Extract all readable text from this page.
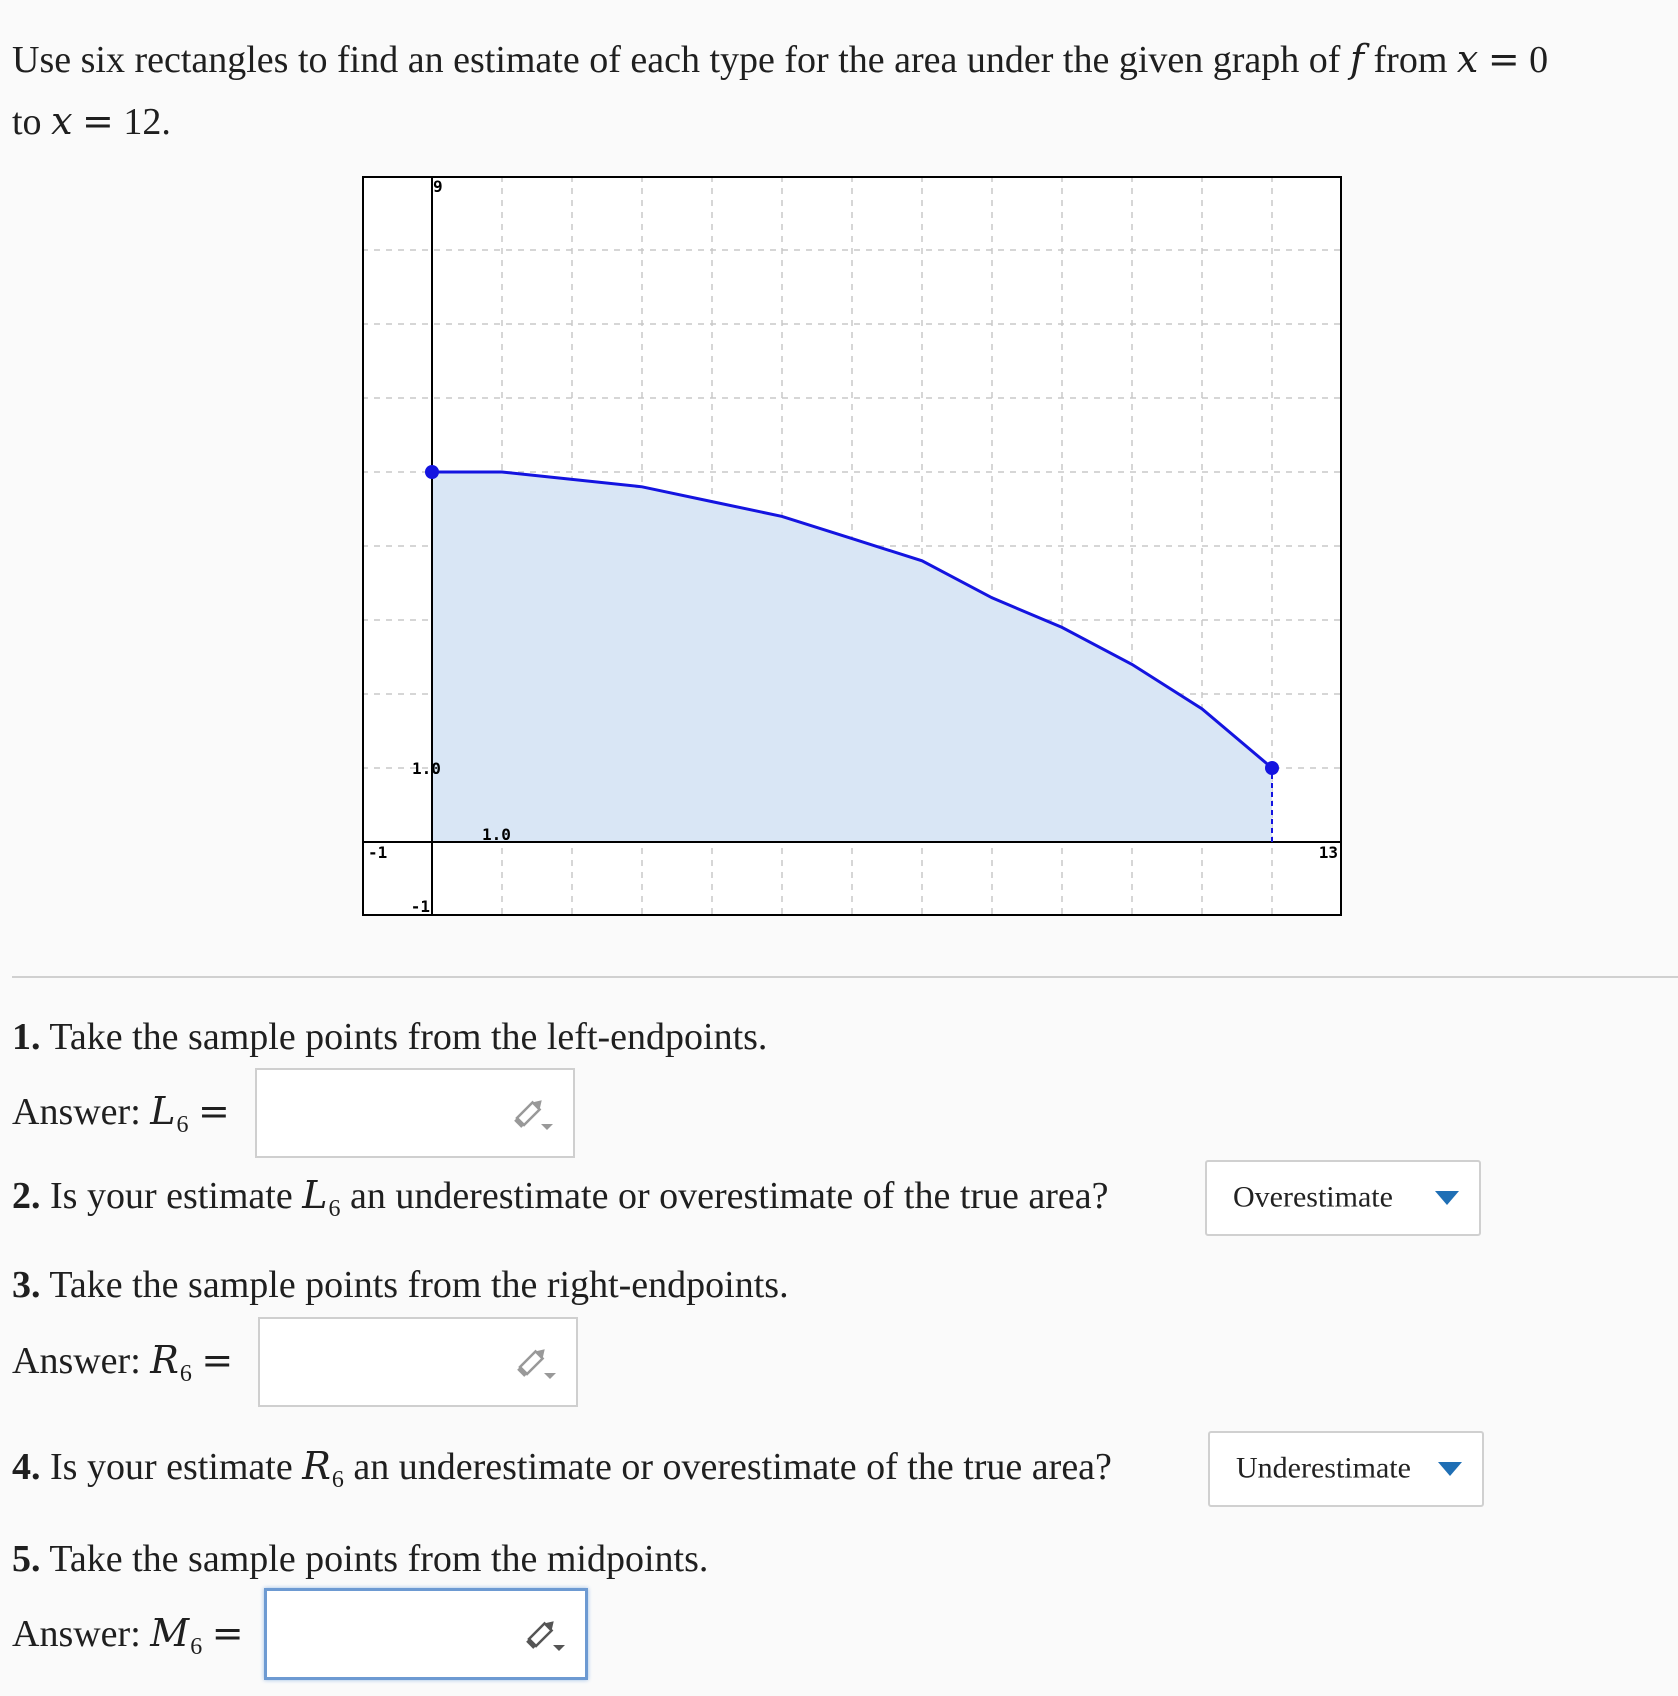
Use six rectangles to find an estimate of each type for the area under the given graph of f from x = 0
to x = 12.
-1	13
9
-1
1.0
1.0
1. Take the sample points from the left-endpoints.
Answer: $L_6$ =
2. Is your estimate $L_6$ an underestimate or overestimate of the true area?	Overestimate
3. Take the sample points from the right-endpoints.
Answer: $R_6$ =
4. Is your estimate $R_6$ an underestimate or overestimate of the true area?	Underestimate
5. Take the sample points from the midpoints.
Answer: $M_6$ =
